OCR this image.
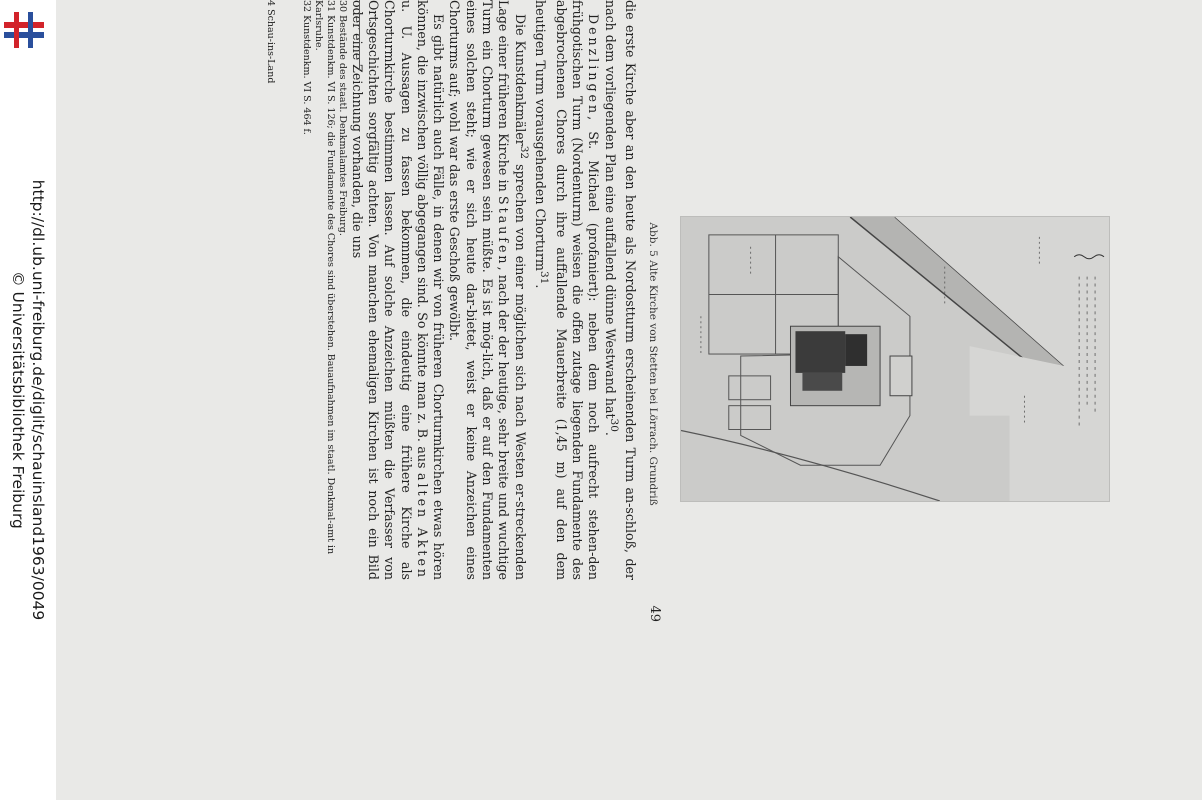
http://dl.ub.uni-freiburg.de/diglit/schauinsland1963/0049
© Universitätsbibliothek Freiburg
49

die erste Kirche aber an den heute als Nordostturm erscheinenden Turm an-schloß, der nach dem vorliegenden Plan eine auffallend dünne Westwand hat$^{30}$.

Denzlingen, St. Michael (profaniert): neben dem noch aufrecht stehen-den frühgotischen Turm (Nordenturm) weisen die offen zutage liegenden Fundamente des abgebrochenen Chores durch ihre auffallende Mauerbreite (1,45 m) auf den dem heutigen Turm vorausgehenden Chorturm$^{31}$.

Die Kunstdenkmäler$^{32}$ sprechen von einer möglichen sich nach Westen er-streckenden Lage einer früheren Kirche in Staufen, nach der der heutige, sehr breite und wuchtige Turm ein Chorturm gewesen sein müßte. Es ist mög-lich, daß er auf den Fundamenten eines solchen steht; wie er sich heute dar-bietet, weist er keine Anzeichen eines Chorturms auf; wohl war das erste Geschoß gewölbt.

Es gibt natürlich auch Fälle, in denen wir von früheren Chorturmkirchen etwas hören können, die inzwischen völlig abgegangen sind. So könnte man z. B. aus alten Akten u. U. Aussagen zu fassen bekommen, die eindeutig eine frühere Kirche als Chorturmkirche bestimmen lassen. Auf solche Anzeichen müßten die Verfasser von Ortsgeschichten sorgfältig achten. Von manchen ehemaligen Kirchen ist noch ein Bild oder eine Zeichnung vorhanden, die uns

30 Bestände des staatl. Denkmalamtes Freiburg.
31 Kunstdenkm. VI S. 126; die Fundamente des Chores sind überstehen. Bauaufnahmen im staatl. Denkmal-amt in Karlsruhe.
32 Kunstdenkm. VI S. 464 f.
4 Schau-ins-Land
Abb. 5 Alte Kirche von Stetten bei Lörrach. Grundriß
